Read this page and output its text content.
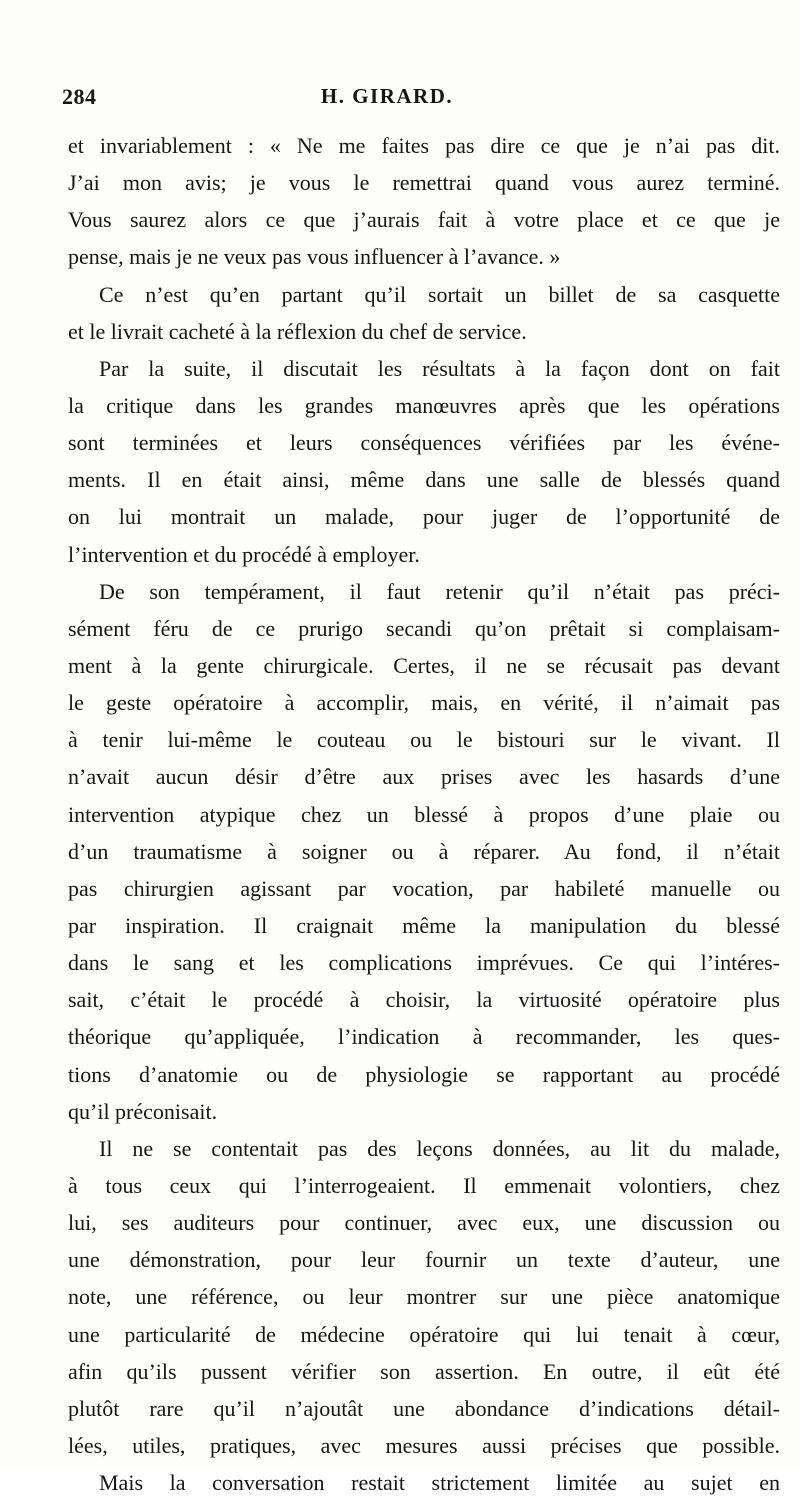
284	H. GIRARD.
et invariablement : « Ne me faites pas dire ce que je n’ai pas dit.
J’ai mon avis; je vous le remettrai quand vous aurez terminé.
Vous saurez alors ce que j’aurais fait à votre place et ce que je
pense, mais je ne veux pas vous influencer à l’avance. »
Ce n’est qu’en partant qu’il sortait un billet de sa casquette
et le livrait cacheté à la réflexion du chef de service.
Par la suite, il discutait les résultats à la façon dont on fait
la critique dans les grandes manœuvres après que les opérations
sont terminées et leurs conséquences vérifiées par les événe-
ments. Il en était ainsi, même dans une salle de blessés quand
on lui montrait un malade, pour juger de l’opportunité de
l’intervention et du procédé à employer.
De son tempérament, il faut retenir qu’il n’était pas préci-
sément féru de ce prurigo secandi qu’on prêtait si complaisam-
ment à la gente chirurgicale. Certes, il ne se récusait pas devant
le geste opératoire à accomplir, mais, en vérité, il n’aimait pas
à tenir lui-même le couteau ou le bistouri sur le vivant. Il
n’avait aucun désir d’être aux prises avec les hasards d’une
intervention atypique chez un blessé à propos d’une plaie ou
d’un traumatisme à soigner ou à réparer. Au fond, il n’était
pas chirurgien agissant par vocation, par habileté manuelle ou
par inspiration. Il craignait même la manipulation du blessé
dans le sang et les complications imprévues. Ce qui l’intéres-
sait, c’était le procédé à choisir, la virtuosité opératoire plus
théorique qu’appliquée, l’indication à recommander, les ques-
tions d’anatomie ou de physiologie se rapportant au procédé
qu’il préconisait.
Il ne se contentait pas des leçons données, au lit du malade,
à tous ceux qui l’interrogeaient. Il emmenait volontiers, chez
lui, ses auditeurs pour continuer, avec eux, une discussion ou
une démonstration, pour leur fournir un texte d’auteur, une
note, une référence, ou leur montrer sur une pièce anatomique
une particularité de médecine opératoire qui lui tenait à cœur,
afin qu’ils pussent vérifier son assertion. En outre, il eût été
plutôt rare qu’il n’ajoutât une abondance d’indications détail-
lées, utiles, pratiques, avec mesures aussi précises que possible.
Mais la conversation restait strictement limitée au sujet en
